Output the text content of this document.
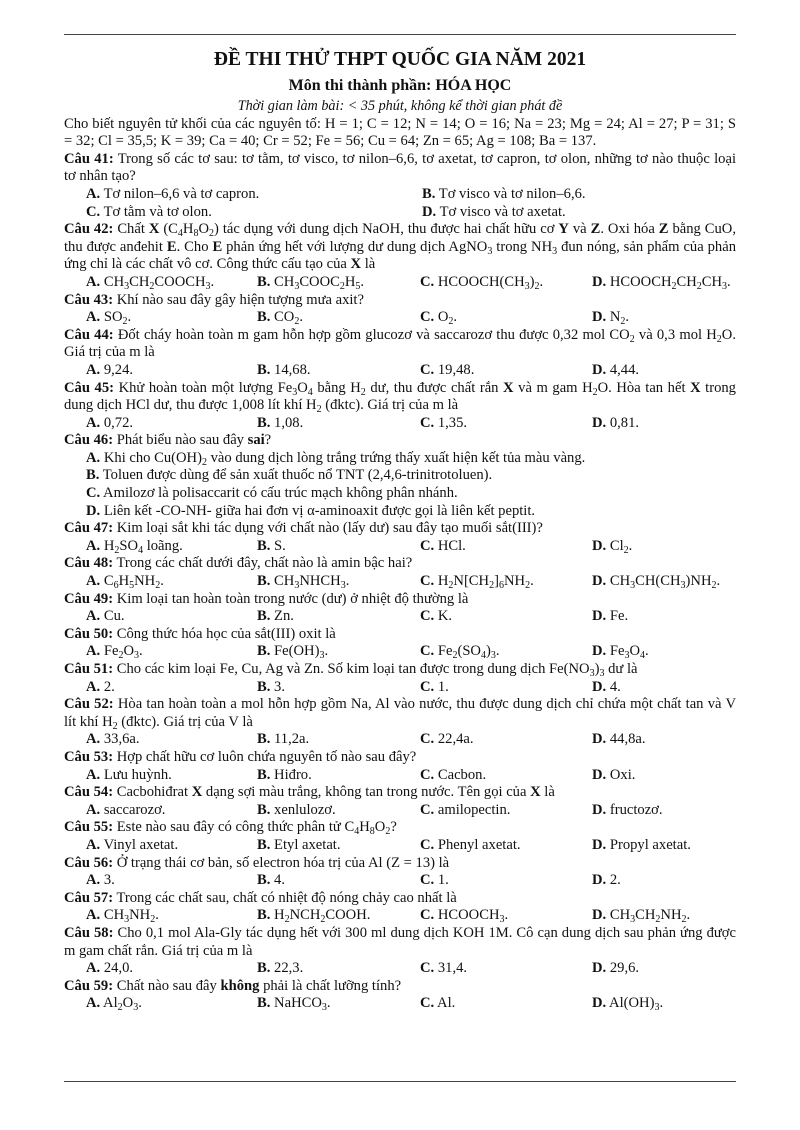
ĐỀ THI THỬ THPT QUỐC GIA NĂM 2021
Môn thi thành phần: HÓA HỌC
Thời gian làm bài: < 35 phút, không kể thời gian phát đề
Cho biết nguyên tử khối của các nguyên tố: H = 1; C = 12; N = 14; O = 16; Na = 23; Mg = 24; Al = 27; P = 31; S = 32; Cl = 35,5; K = 39; Ca = 40; Cr = 52; Fe = 56; Cu = 64; Zn = 65; Ag = 108; Ba = 137.
Câu 41: Trong số các tơ sau: tơ tằm, tơ visco, tơ nilon–6,6, tơ axetat, tơ capron, tơ olon, những tơ nào thuộc loại tơ nhân tạo?
A. Tơ nilon–6,6 và tơ capron.	B. Tơ visco và tơ nilon–6,6.
C. Tơ tằm và tơ olon.	D. Tơ visco và tơ axetat.
Câu 42: Chất X $(C_4H_8O_2)$ tác dụng với dung dịch NaOH, thu được hai chất hữu cơ Y và Z. Oxi hóa Z bằng CuO, thu được anđehit E. Cho E phản ứng hết với lượng dư dung dịch AgNO$_3$ trong $NH_3$ đun nóng, sản phẩm của phản ứng chỉ là các chất vô cơ. Công thức cấu tạo của X là
A. $CH_3CH_2COOCH_3$.	B. $CH_3COOC_2H_5$.	C. $HCOOCH(CH_3)_2$.	D. $HCOOCH_2CH_2CH_3$.
Câu 43: Khí nào sau đây gây hiện tượng mưa axit?
A. $SO_2$.	B. $CO_2$.	C. $O_2$.	D. $N_2$.
Câu 44: Đốt cháy hoàn toàn m gam hỗn hợp gồm glucozơ và saccarozơ thu được 0,32 mol $CO_2$ và 0,3 mol $H_2O$. Giá trị của m là
A. 9,24.	B. 14,68.	C. 19,48.	D. 4,44.
Câu 45: Khử hoàn toàn một lượng $Fe_3O_4$ bằng $H_2$ dư, thu được chất rắn X và m gam $H_2O$. Hòa tan hết X trong dung dịch HCl dư, thu được 1,008 lít khí $H_2$ (đktc). Giá trị của m là
A. 0,72.	B. 1,08.	C. 1,35.	D. 0,81.
Câu 46: Phát biểu nào sau đây sai?
A. Khi cho $Cu(OH)_2$ vào dung dịch lòng trắng trứng thấy xuất hiện kết tủa màu vàng.
B. Toluen được dùng để sản xuất thuốc nổ TNT (2,4,6-trinitrotoluen).
C. Amilozơ là polisaccarit có cấu trúc mạch không phân nhánh.
D. Liên kết -CO-NH- giữa hai đơn vị α-aminoaxit được gọi là liên kết peptit.
Câu 47: Kim loại sắt khi tác dụng với chất nào (lấy dư) sau đây tạo muối sắt(III)?
A. $H_2SO_4$ loãng.	B. S.	C. HCl.	D. $Cl_2$.
Câu 48: Trong các chất dưới đây, chất nào là amin bậc hai?
A. $C_6H_5NH_2$.	B. $CH_3NHCH_3$.	C. $H_2N[CH_2]_6NH_2$.	D. $CH_3CH(CH_3)NH_2$.
Câu 49: Kim loại tan hoàn toàn trong nước (dư) ở nhiệt độ thường là
A. Cu.	B. Zn.	C. K.	D. Fe.
Câu 50: Công thức hóa học của sắt(III) oxit là
A. $Fe_2O_3$.	B. $Fe(OH)_3$.	C. $Fe_2(SO_4)_3$.	D. $Fe_3O_4$.
Câu 51: Cho các kim loại Fe, Cu, Ag và Zn. Số kim loại tan được trong dung dịch $Fe(NO_3)_3$ dư là
A. 2.	B. 3.	C. 1.	D. 4.
Câu 52: Hòa tan hoàn toàn a mol hỗn hợp gồm Na, Al vào nước, thu được dung dịch chỉ chứa một chất tan và V lít khí $H_2$ (đktc). Giá trị của V là
A. 33,6a.	B. 11,2a.	C. 22,4a.	D. 44,8a.
Câu 53: Hợp chất hữu cơ luôn chứa nguyên tố nào sau đây?
A. Lưu huỳnh.	B. Hiđro.	C. Cacbon.	D. Oxi.
Câu 54: Cacbohiđrat X dạng sợi màu trắng, không tan trong nước. Tên gọi của X là
A. saccarozơ.	B. xenlulozơ.	C. amilopectin.	D. fructozơ.
Câu 55: Este nào sau đây có công thức phân tử $C_4H_8O_2$?
A. Vinyl axetat.	B. Etyl axetat.	C. Phenyl axetat.	D. Propyl axetat.
Câu 56: Ở trạng thái cơ bản, số electron hóa trị của Al (Z = 13) là
A. 3.	B. 4.	C. 1.	D. 2.
Câu 57: Trong các chất sau, chất có nhiệt độ nóng chảy cao nhất là
A. $CH_3NH_2$.	B. $H_2NCH_2COOH$.	C. $HCOOCH_3$.	D. $CH_3CH_2NH_2$.
Câu 58: Cho 0,1 mol Ala-Gly tác dụng hết với 300 ml dung dịch KOH 1M. Cô cạn dung dịch sau phản ứng được m gam chất rắn. Giá trị của m là
A. 24,0.	B. 22,3.	C. 31,4.	D. 29,6.
Câu 59: Chất nào sau đây không phải là chất lưỡng tính?
A. $Al_2O_3$.	B. NaHCO$_3$.	C. Al.	D. $Al(OH)_3$.
